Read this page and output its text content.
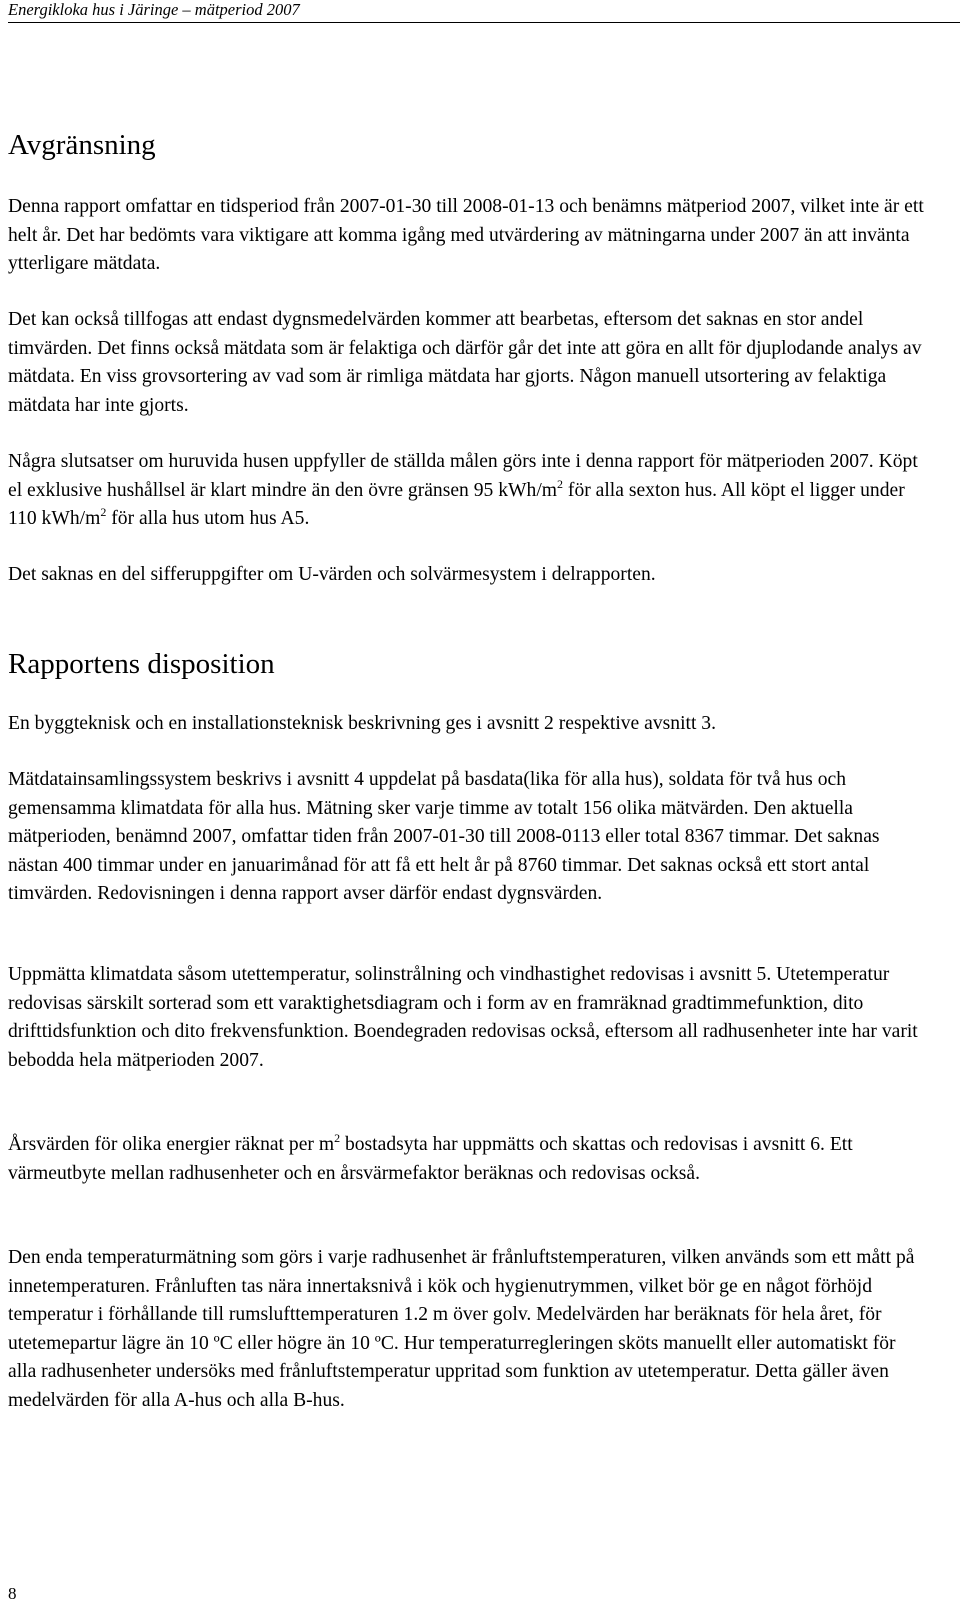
Energikloka hus i Järinge – mätperiod 2007
Avgränsning

Denna rapport omfattar en tidsperiod från 2007-01-30 till 2008-01-13 och benämns mätperiod 2007, vilket inte är ett helt år. Det har bedömts vara viktigare att komma igång med utvärdering av mätningarna under 2007 än att invänta ytterligare mätdata.

Det kan också tillfogas att endast dygnsmedelvärden kommer att bearbetas, eftersom det saknas en stor andel timvärden. Det finns också mätdata som är felaktiga och därför går det inte att göra en allt för djuplodande analys av mätdata. En viss grovsortering av vad som är rimliga mätdata har gjorts. Någon manuell utsortering av felaktiga mätdata har inte gjorts.

Några slutsatser om huruvida husen uppfyller de ställda målen görs inte i denna rapport för mätperioden 2007. Köpt el exklusive hushållsel är klart mindre än den övre gränsen 95 kWh/$m^2$ för alla sexton hus. All köpt el ligger under 110 kWh/$m^2$ för alla hus utom hus A5.

Det saknas en del sifferuppgifter om U-värden och solvärmesystem i delrapporten.

Rapportens disposition

En byggteknisk och en installationsteknisk beskrivning ges i avsnitt 2 respektive avsnitt 3.

Mätdatainsamlingssystem beskrivs i avsnitt 4 uppdelat på basdata(lika för alla hus), soldata för två hus och gemensamma klimatdata för alla hus. Mätning sker varje timme av totalt 156 olika mätvärden. Den aktuella mätperioden, benämnd 2007, omfattar tiden från 2007-01-30 till 2008-0113 eller total 8367 timmar. Det saknas nästan 400 timmar under en januarimånad för att få ett helt år på 8760 timmar. Det saknas också ett stort antal timvärden. Redovisningen i denna rapport avser därför endast dygnsvärden.

Uppmätta klimatdata såsom utettemperatur, solinstrålning och vindhastighet redovisas i avsnitt 5. Utetemperatur redovisas särskilt sorterad som ett varaktighetsdiagram och i form av en framräknad gradtimmefunktion, dito drifttidsfunktion och dito frekvensfunktion. Boendegraden redovisas också, eftersom all radhusenheter inte har varit bebodda hela mätperioden 2007.

Årsvärden för olika energier räknat per $m^2$ bostadsyta har uppmätts och skattas och redovisas i avsnitt 6. Ett värmeutbyte mellan radhusenheter och en årsvärmefaktor beräknas och redovisas också.

Den enda temperaturmätning som görs i varje radhusenhet är frånluftstemperaturen, vilken används som ett mått på innetemperaturen. Frånluften tas nära innertaksnivå i kök och hygienutrymmen, vilket bör ge en något förhöjd temperatur i förhållande till rumslufttemperaturen 1.2 m över golv. Medelvärden har beräknats för hela året, för utetemepartur lägre än 10 ºC eller högre än 10 ºC. Hur temperaturregleringen sköts manuellt eller automatiskt för alla radhusenheter undersöks med frånluftstemperatur uppritad som funktion av utetemperatur. Detta gäller även medelvärden för alla A-hus och alla B-hus.

8
